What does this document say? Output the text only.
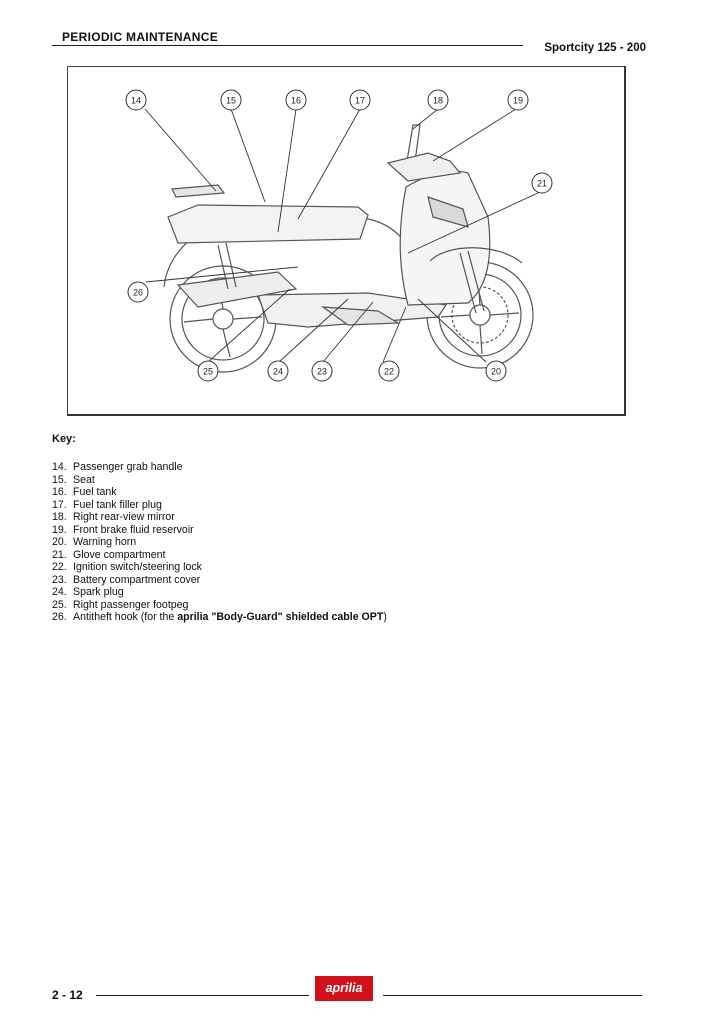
PERIODIC MAINTENANCE
Sportcity 125 - 200
14	15	16	17	18	19
21
26
25	24	23	22	20
Key:
14. Passenger grab handle
15. Seat
16. Fuel tank
17. Fuel tank filler plug
18. Right rear-view mirror
19. Front brake fluid reservoir
20. Warning horn
21. Glove compartment
22. Ignition switch/steering lock
23. Battery compartment cover
24. Spark plug
25. Right passenger footpeg
26. Antitheft hook (for the aprilia "Body-Guard" shielded cable OPT)
2 - 12	aprilia
